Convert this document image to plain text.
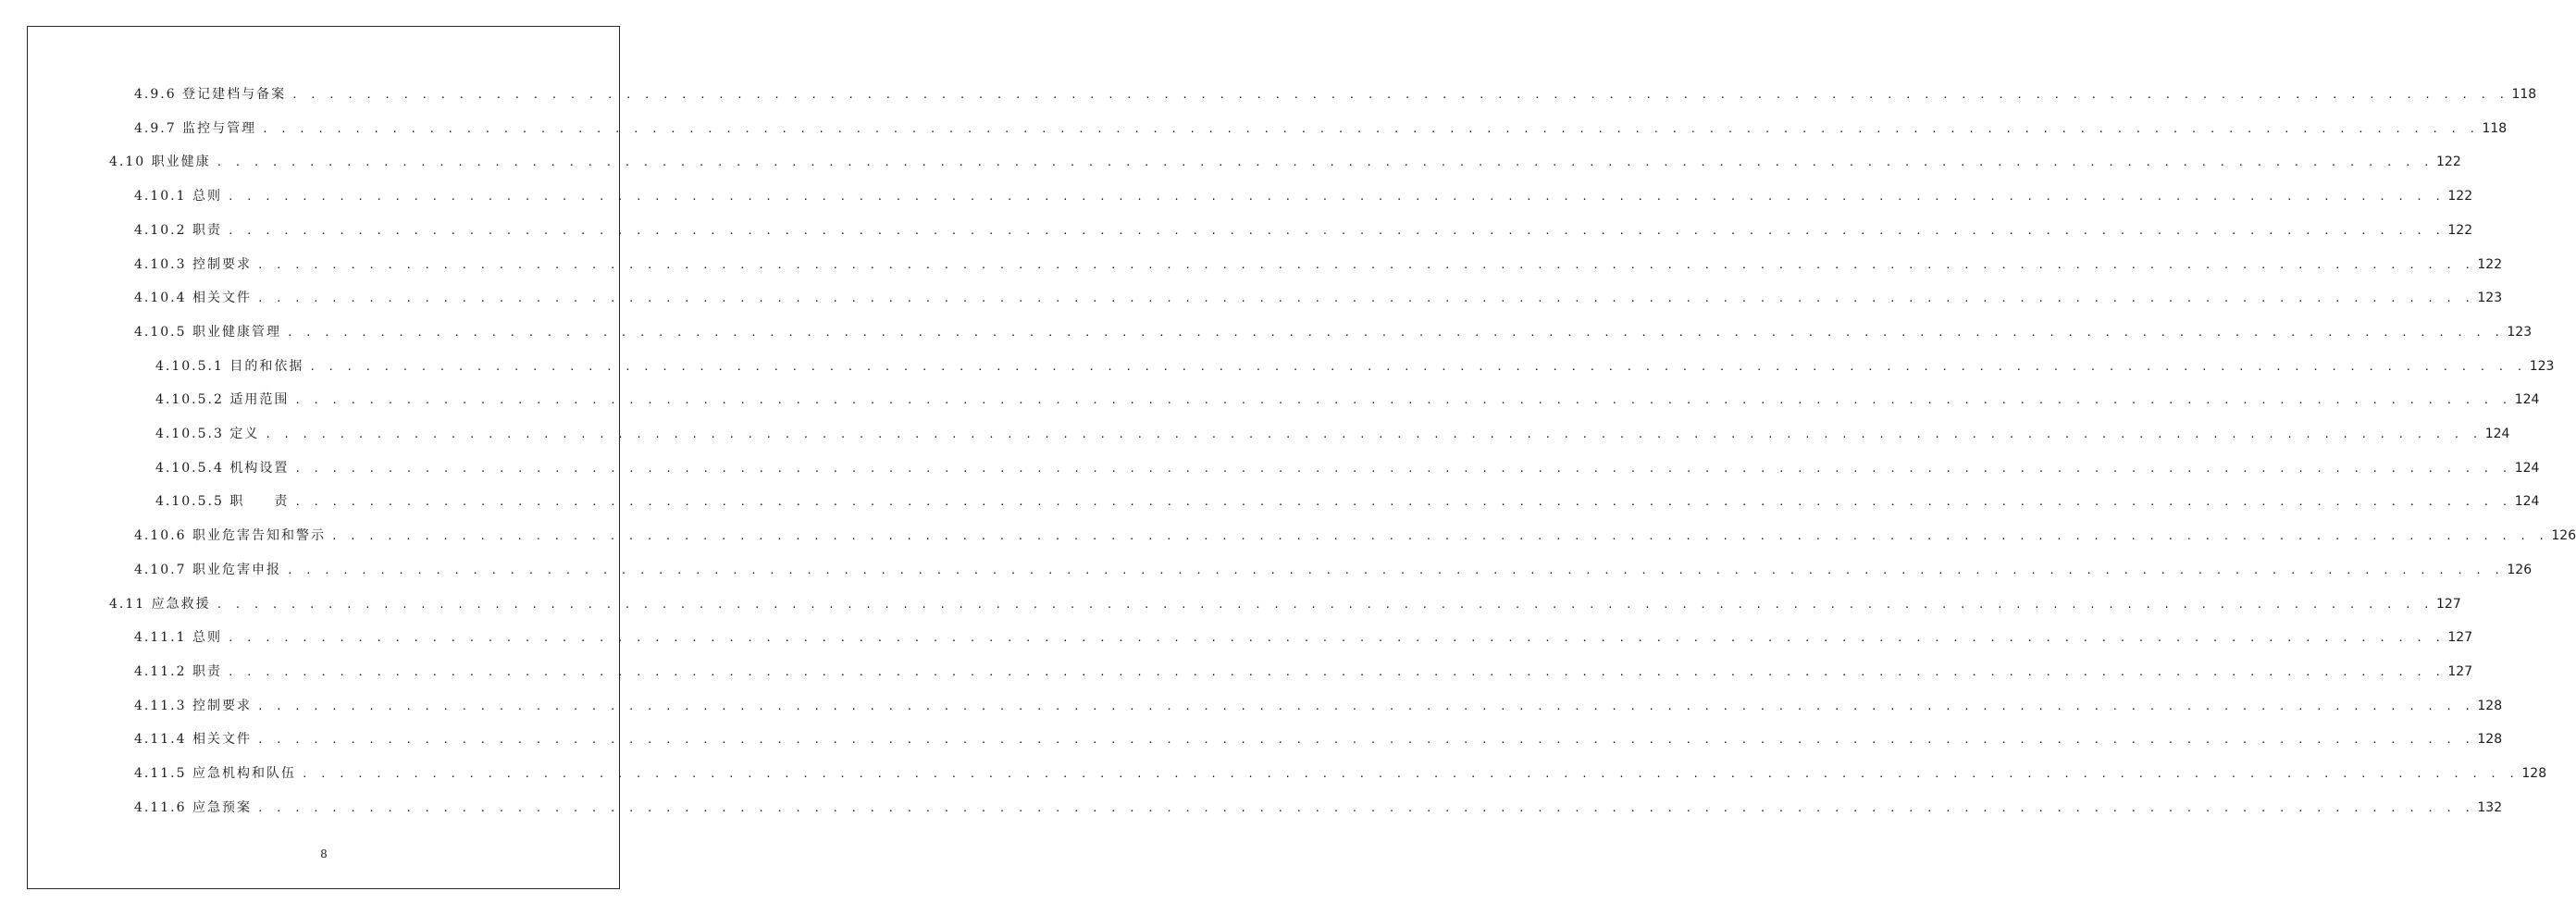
4.9.6 登记建档与备案 . . . . . . . . . . . . . . . . . . . . . . . . . . . . . . . . . . . . . . . . . . . . . . . . . . . . . . . . . . . . . . . . . . . . . . . . . . . . . . . . . . . . . . . . . . . . . . . . . . . . . . . . . . . . . . . . . . . . . . . . 118
4.9.7 监控与管理 . . . . . . . . . . . . . . . . . . . . . . . . . . . . . . . . . . . . . . . . . . . . . . . . . . . . . . . . . . . . . . . . . . . . . . . . . . . . . . . . . . . . . . . . . . . . . . . . . . . . . . . . . . . . . . . . . . . . . . . . 118
4.10 职业健康 . . . . . . . . . . . . . . . . . . . . . . . . . . . . . . . . . . . . . . . . . . . . . . . . . . . . . . . . . . . . . . . . . . . . . . . . . . . . . . . . . . . . . . . . . . . . . . . . . . . . . . . . . . . . . . . . . . . . . . . . 122
4.10.1 总则 . . . . . . . . . . . . . . . . . . . . . . . . . . . . . . . . . . . . . . . . . . . . . . . . . . . . . . . . . . . . . . . . . . . . . . . . . . . . . . . . . . . . . . . . . . . . . . . . . . . . . . . . . . . . . . . . . . . . . . . . 122
4.10.2 职责 . . . . . . . . . . . . . . . . . . . . . . . . . . . . . . . . . . . . . . . . . . . . . . . . . . . . . . . . . . . . . . . . . . . . . . . . . . . . . . . . . . . . . . . . . . . . . . . . . . . . . . . . . . . . . . . . . . . . . . . . 122
4.10.3 控制要求 . . . . . . . . . . . . . . . . . . . . . . . . . . . . . . . . . . . . . . . . . . . . . . . . . . . . . . . . . . . . . . . . . . . . . . . . . . . . . . . . . . . . . . . . . . . . . . . . . . . . . . . . . . . . . . . . . . . . . . . . 122
4.10.4 相关文件 . . . . . . . . . . . . . . . . . . . . . . . . . . . . . . . . . . . . . . . . . . . . . . . . . . . . . . . . . . . . . . . . . . . . . . . . . . . . . . . . . . . . . . . . . . . . . . . . . . . . . . . . . . . . . . . . . . . . . . . . 123
4.10.5 职业健康管理 . . . . . . . . . . . . . . . . . . . . . . . . . . . . . . . . . . . . . . . . . . . . . . . . . . . . . . . . . . . . . . . . . . . . . . . . . . . . . . . . . . . . . . . . . . . . . . . . . . . . . . . . . . . . . . . . . . . . . . . . 123
4.10.5.1 目的和依据 . . . . . . . . . . . . . . . . . . . . . . . . . . . . . . . . . . . . . . . . . . . . . . . . . . . . . . . . . . . . . . . . . . . . . . . . . . . . . . . . . . . . . . . . . . . . . . . . . . . . . . . . . . . . . . . . . . . . . . . . 123
4.10.5.2 适用范围 . . . . . . . . . . . . . . . . . . . . . . . . . . . . . . . . . . . . . . . . . . . . . . . . . . . . . . . . . . . . . . . . . . . . . . . . . . . . . . . . . . . . . . . . . . . . . . . . . . . . . . . . . . . . . . . . . . . . . . . . 124
4.10.5.3 定义 . . . . . . . . . . . . . . . . . . . . . . . . . . . . . . . . . . . . . . . . . . . . . . . . . . . . . . . . . . . . . . . . . . . . . . . . . . . . . . . . . . . . . . . . . . . . . . . . . . . . . . . . . . . . . . . . . . . . . . . . 124
4.10.5.4 机构设置 . . . . . . . . . . . . . . . . . . . . . . . . . . . . . . . . . . . . . . . . . . . . . . . . . . . . . . . . . . . . . . . . . . . . . . . . . . . . . . . . . . . . . . . . . . . . . . . . . . . . . . . . . . . . . . . . . . . . . . . . 124
4.10.5.5 职　　责 . . . . . . . . . . . . . . . . . . . . . . . . . . . . . . . . . . . . . . . . . . . . . . . . . . . . . . . . . . . . . . . . . . . . . . . . . . . . . . . . . . . . . . . . . . . . . . . . . . . . . . . . . . . . . . . . . . . . . . . . 124
4.10.6 职业危害告知和警示 . . . . . . . . . . . . . . . . . . . . . . . . . . . . . . . . . . . . . . . . . . . . . . . . . . . . . . . . . . . . . . . . . . . . . . . . . . . . . . . . . . . . . . . . . . . . . . . . . . . . . . . . . . . . . . . . . . . . . . . . 126
4.10.7 职业危害申报 . . . . . . . . . . . . . . . . . . . . . . . . . . . . . . . . . . . . . . . . . . . . . . . . . . . . . . . . . . . . . . . . . . . . . . . . . . . . . . . . . . . . . . . . . . . . . . . . . . . . . . . . . . . . . . . . . . . . . . . . 126
4.11 应急救援 . . . . . . . . . . . . . . . . . . . . . . . . . . . . . . . . . . . . . . . . . . . . . . . . . . . . . . . . . . . . . . . . . . . . . . . . . . . . . . . . . . . . . . . . . . . . . . . . . . . . . . . . . . . . . . . . . . . . . . . . 127
4.11.1 总则 . . . . . . . . . . . . . . . . . . . . . . . . . . . . . . . . . . . . . . . . . . . . . . . . . . . . . . . . . . . . . . . . . . . . . . . . . . . . . . . . . . . . . . . . . . . . . . . . . . . . . . . . . . . . . . . . . . . . . . . . 127
4.11.2 职责 . . . . . . . . . . . . . . . . . . . . . . . . . . . . . . . . . . . . . . . . . . . . . . . . . . . . . . . . . . . . . . . . . . . . . . . . . . . . . . . . . . . . . . . . . . . . . . . . . . . . . . . . . . . . . . . . . . . . . . . . 127
4.11.3 控制要求 . . . . . . . . . . . . . . . . . . . . . . . . . . . . . . . . . . . . . . . . . . . . . . . . . . . . . . . . . . . . . . . . . . . . . . . . . . . . . . . . . . . . . . . . . . . . . . . . . . . . . . . . . . . . . . . . . . . . . . . . 128
4.11.4 相关文件 . . . . . . . . . . . . . . . . . . . . . . . . . . . . . . . . . . . . . . . . . . . . . . . . . . . . . . . . . . . . . . . . . . . . . . . . . . . . . . . . . . . . . . . . . . . . . . . . . . . . . . . . . . . . . . . . . . . . . . . . 128
4.11.5 应急机构和队伍 . . . . . . . . . . . . . . . . . . . . . . . . . . . . . . . . . . . . . . . . . . . . . . . . . . . . . . . . . . . . . . . . . . . . . . . . . . . . . . . . . . . . . . . . . . . . . . . . . . . . . . . . . . . . . . . . . . . . . . . . 128
4.11.6 应急预案 . . . . . . . . . . . . . . . . . . . . . . . . . . . . . . . . . . . . . . . . . . . . . . . . . . . . . . . . . . . . . . . . . . . . . . . . . . . . . . . . . . . . . . . . . . . . . . . . . . . . . . . . . . . . . . . . . . . . . . . . 132
8
